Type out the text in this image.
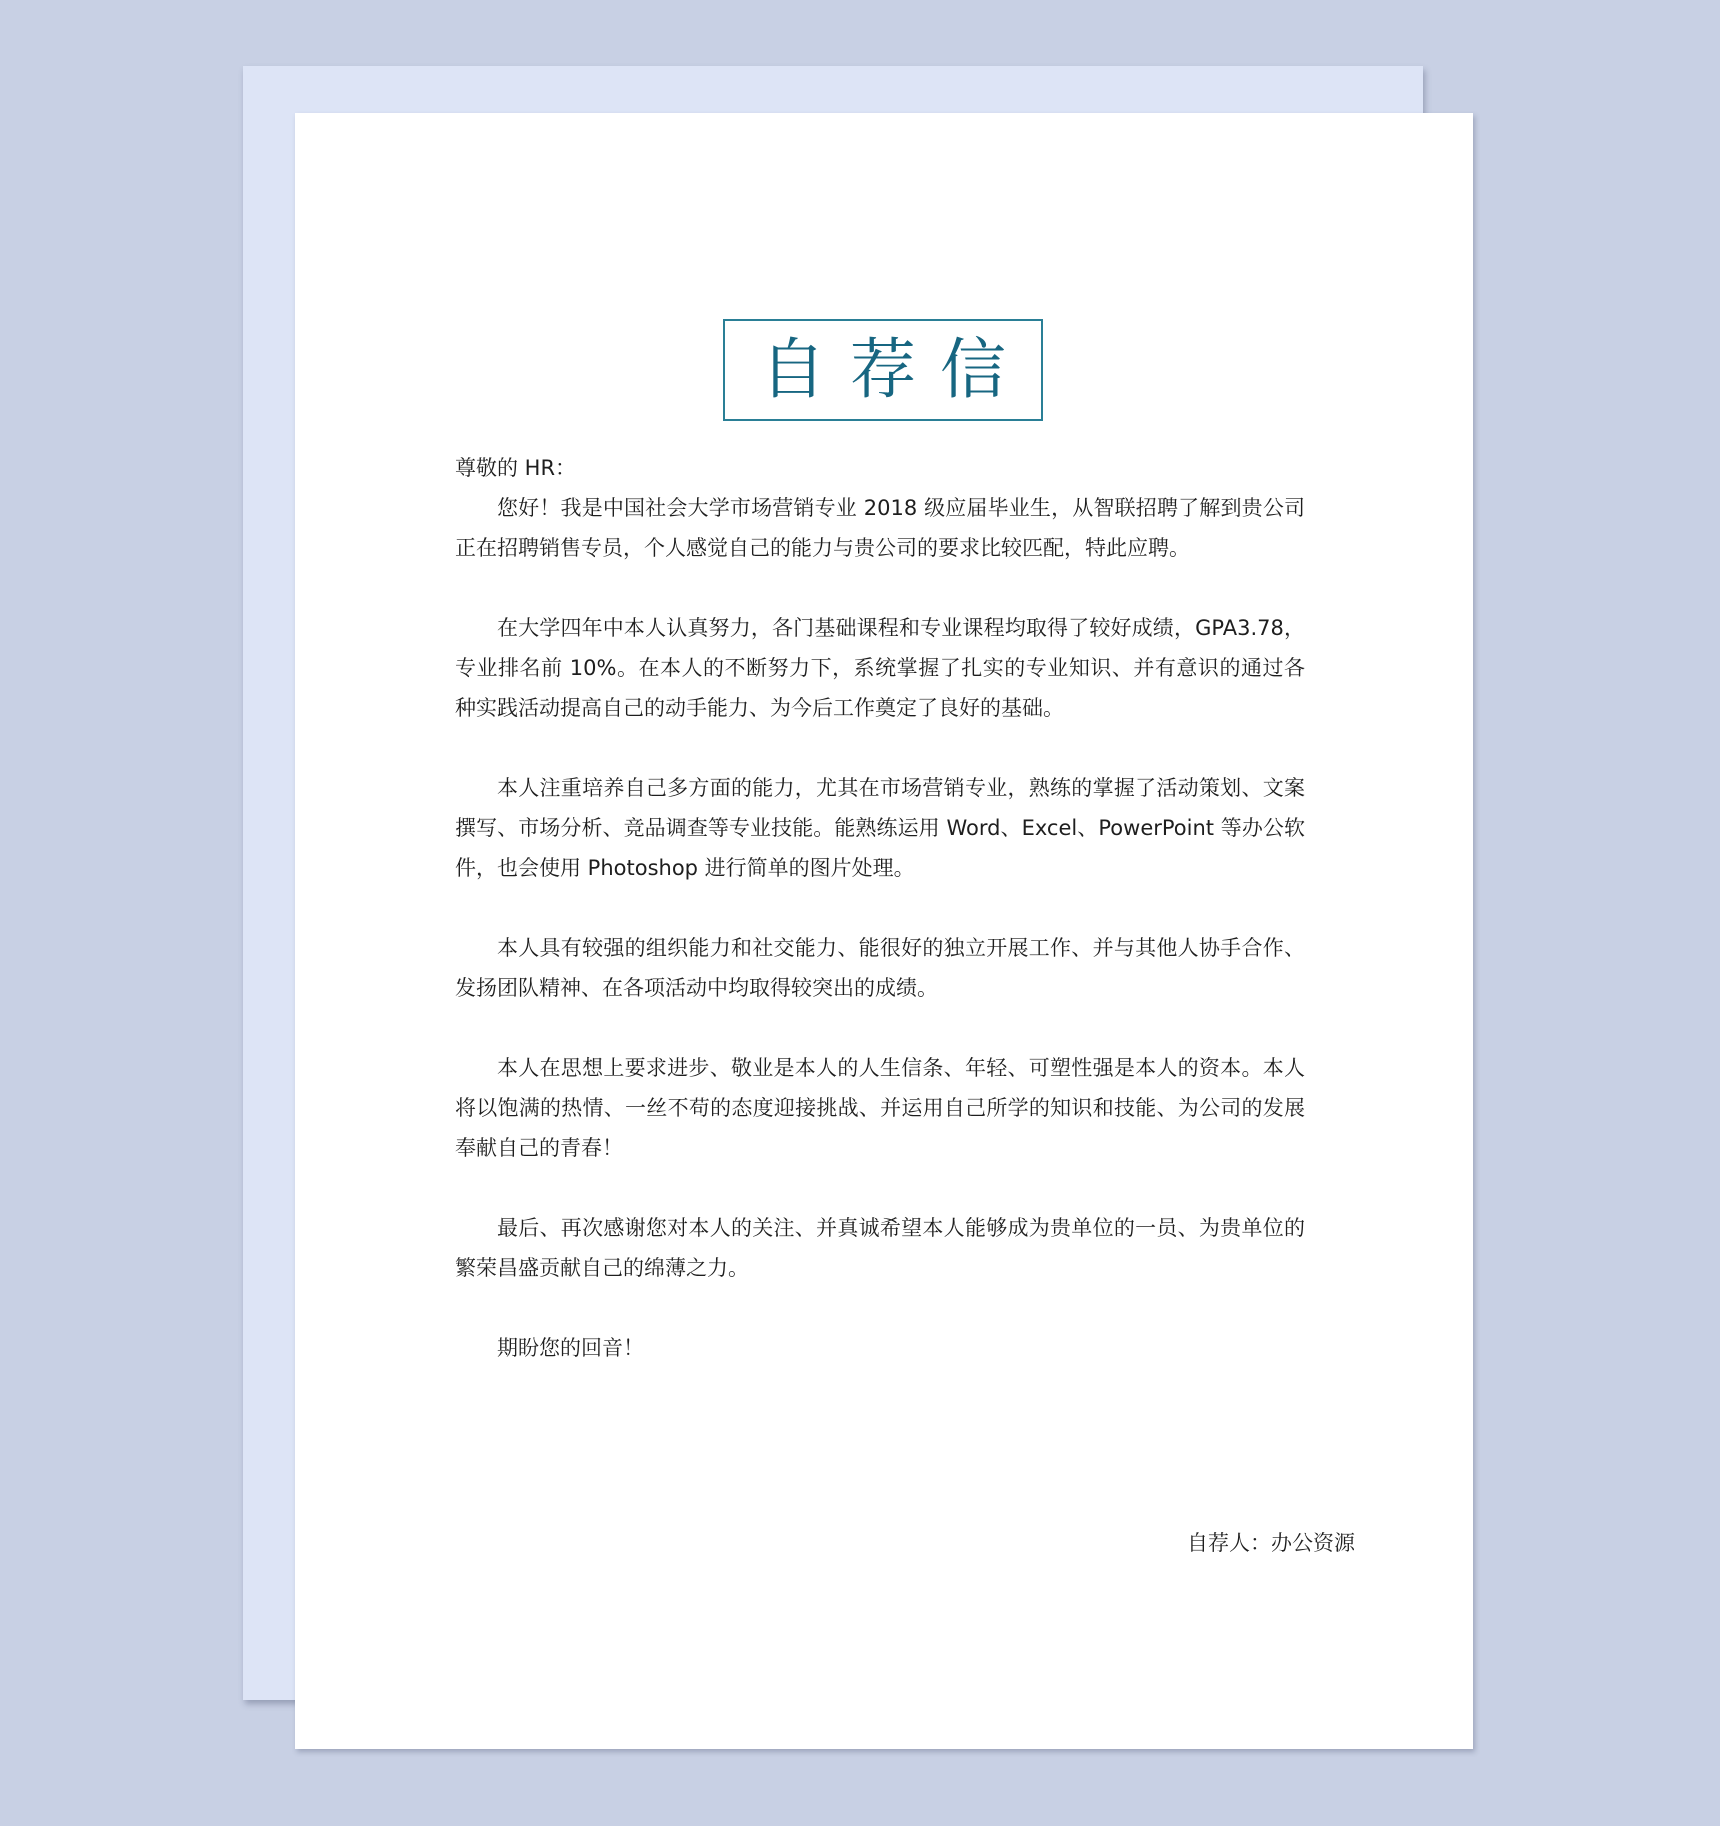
自荐信

尊敬的 HR：

您好！我是中国社会大学市场营销专业 2018 级应届毕业生，从智联招聘了解到贵公司正在招聘销售专员，个人感觉自己的能力与贵公司的要求比较匹配，特此应聘。

在大学四年中本人认真努力，各门基础课程和专业课程均取得了较好成绩，GPA3.78，专业排名前 10%。在本人的不断努力下，系统掌握了扎实的专业知识、并有意识的通过各种实践活动提高自己的动手能力、为今后工作奠定了良好的基础。

本人注重培养自己多方面的能力，尤其在市场营销专业，熟练的掌握了活动策划、文案撰写、市场分析、竞品调查等专业技能。能熟练运用 Word、Excel、PowerPoint 等办公软件，也会使用 Photoshop 进行简单的图片处理。

本人具有较强的组织能力和社交能力、能很好的独立开展工作、并与其他人协手合作、发扬团队精神、在各项活动中均取得较突出的成绩。

本人在思想上要求进步、敬业是本人的人生信条、年轻、可塑性强是本人的资本。本人将以饱满的热情、一丝不苟的态度迎接挑战、并运用自己所学的知识和技能、为公司的发展奉献自己的青春！

最后、再次感谢您对本人的关注、并真诚希望本人能够成为贵单位的一员、为贵单位的繁荣昌盛贡献自己的绵薄之力。

期盼您的回音！

自荐人：办公资源
